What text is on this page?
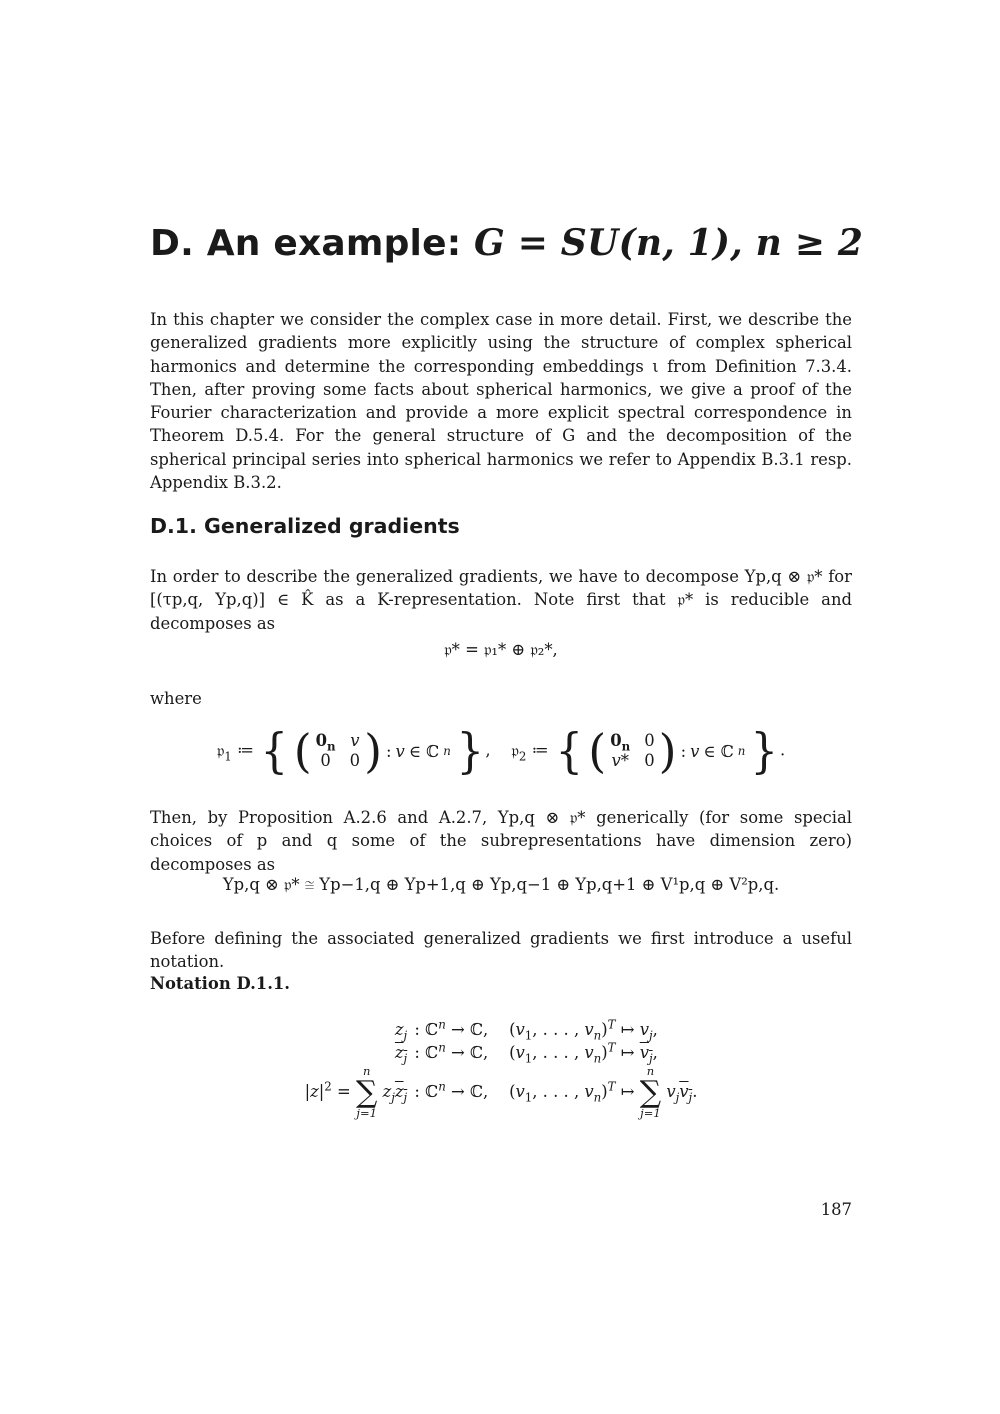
D. An example: G = SU(n, 1), n ≥ 2

In this chapter we consider the complex case in more detail. First, we describe the generalized gradients more explicitly using the structure of complex spherical harmonics and determine the corresponding embeddings ι from Definition 7.3.4. Then, after proving some facts about spherical harmonics, we give a proof of the Fourier characterization and provide a more explicit spectral correspondence in Theorem D.5.4. For the general structure of G and the decomposition of the spherical principal series into spherical harmonics we refer to Appendix B.3.1 resp. Appendix B.3.2.

D.1. Generalized gradients

In order to describe the generalized gradients, we have to decompose Yp,q ⊗ 𝔭* for [(τp,q, Yp,q)] ∈ K̂ as a K-representation. Note first that 𝔭* is reducible and decomposes as

𝔭* = 𝔭₁* ⊕ 𝔭₂*,

where

𝔭$_1$ ≔ { ( $0_n$ v
0 0 ) : v ∈ ℂ n } ,    𝔭$_2$ ≔ { ( $0_n$ 0
v* 0 ) : v ∈ ℂ n } .

Then, by Proposition A.2.6 and A.2.7, Yp,q ⊗ 𝔭* generically (for some special choices of p and q some of the subrepresentations have dimension zero) decomposes as

Yp,q ⊗ 𝔭* ≅ Yp−1,q ⊕ Yp+1,q ⊕ Yp,q−1 ⊕ Yp,q+1 ⊕ V¹p,q ⊕ V²p,q.

Before defining the associated generalized gradients we first introduce a useful notation.

Notation D.1.1.

$z_j$	: ℂ$^n$ → ℂ,    ($v_1$, . . . , $v_n)^T$ ↦ $v_j$,
$z_j$	: ℂ$^n$ → ℂ,    ($v_1$, . . . , $v_n)^T$ ↦ $v_j$,
$|z|^2$ =
n
∑
j=1
$z_jz_j$	: ℂ$^n$ → ℂ,    ($v_1$, . . . , $v_n)^T$ ↦
n
∑
j=1
$v_jv_j$.
187
